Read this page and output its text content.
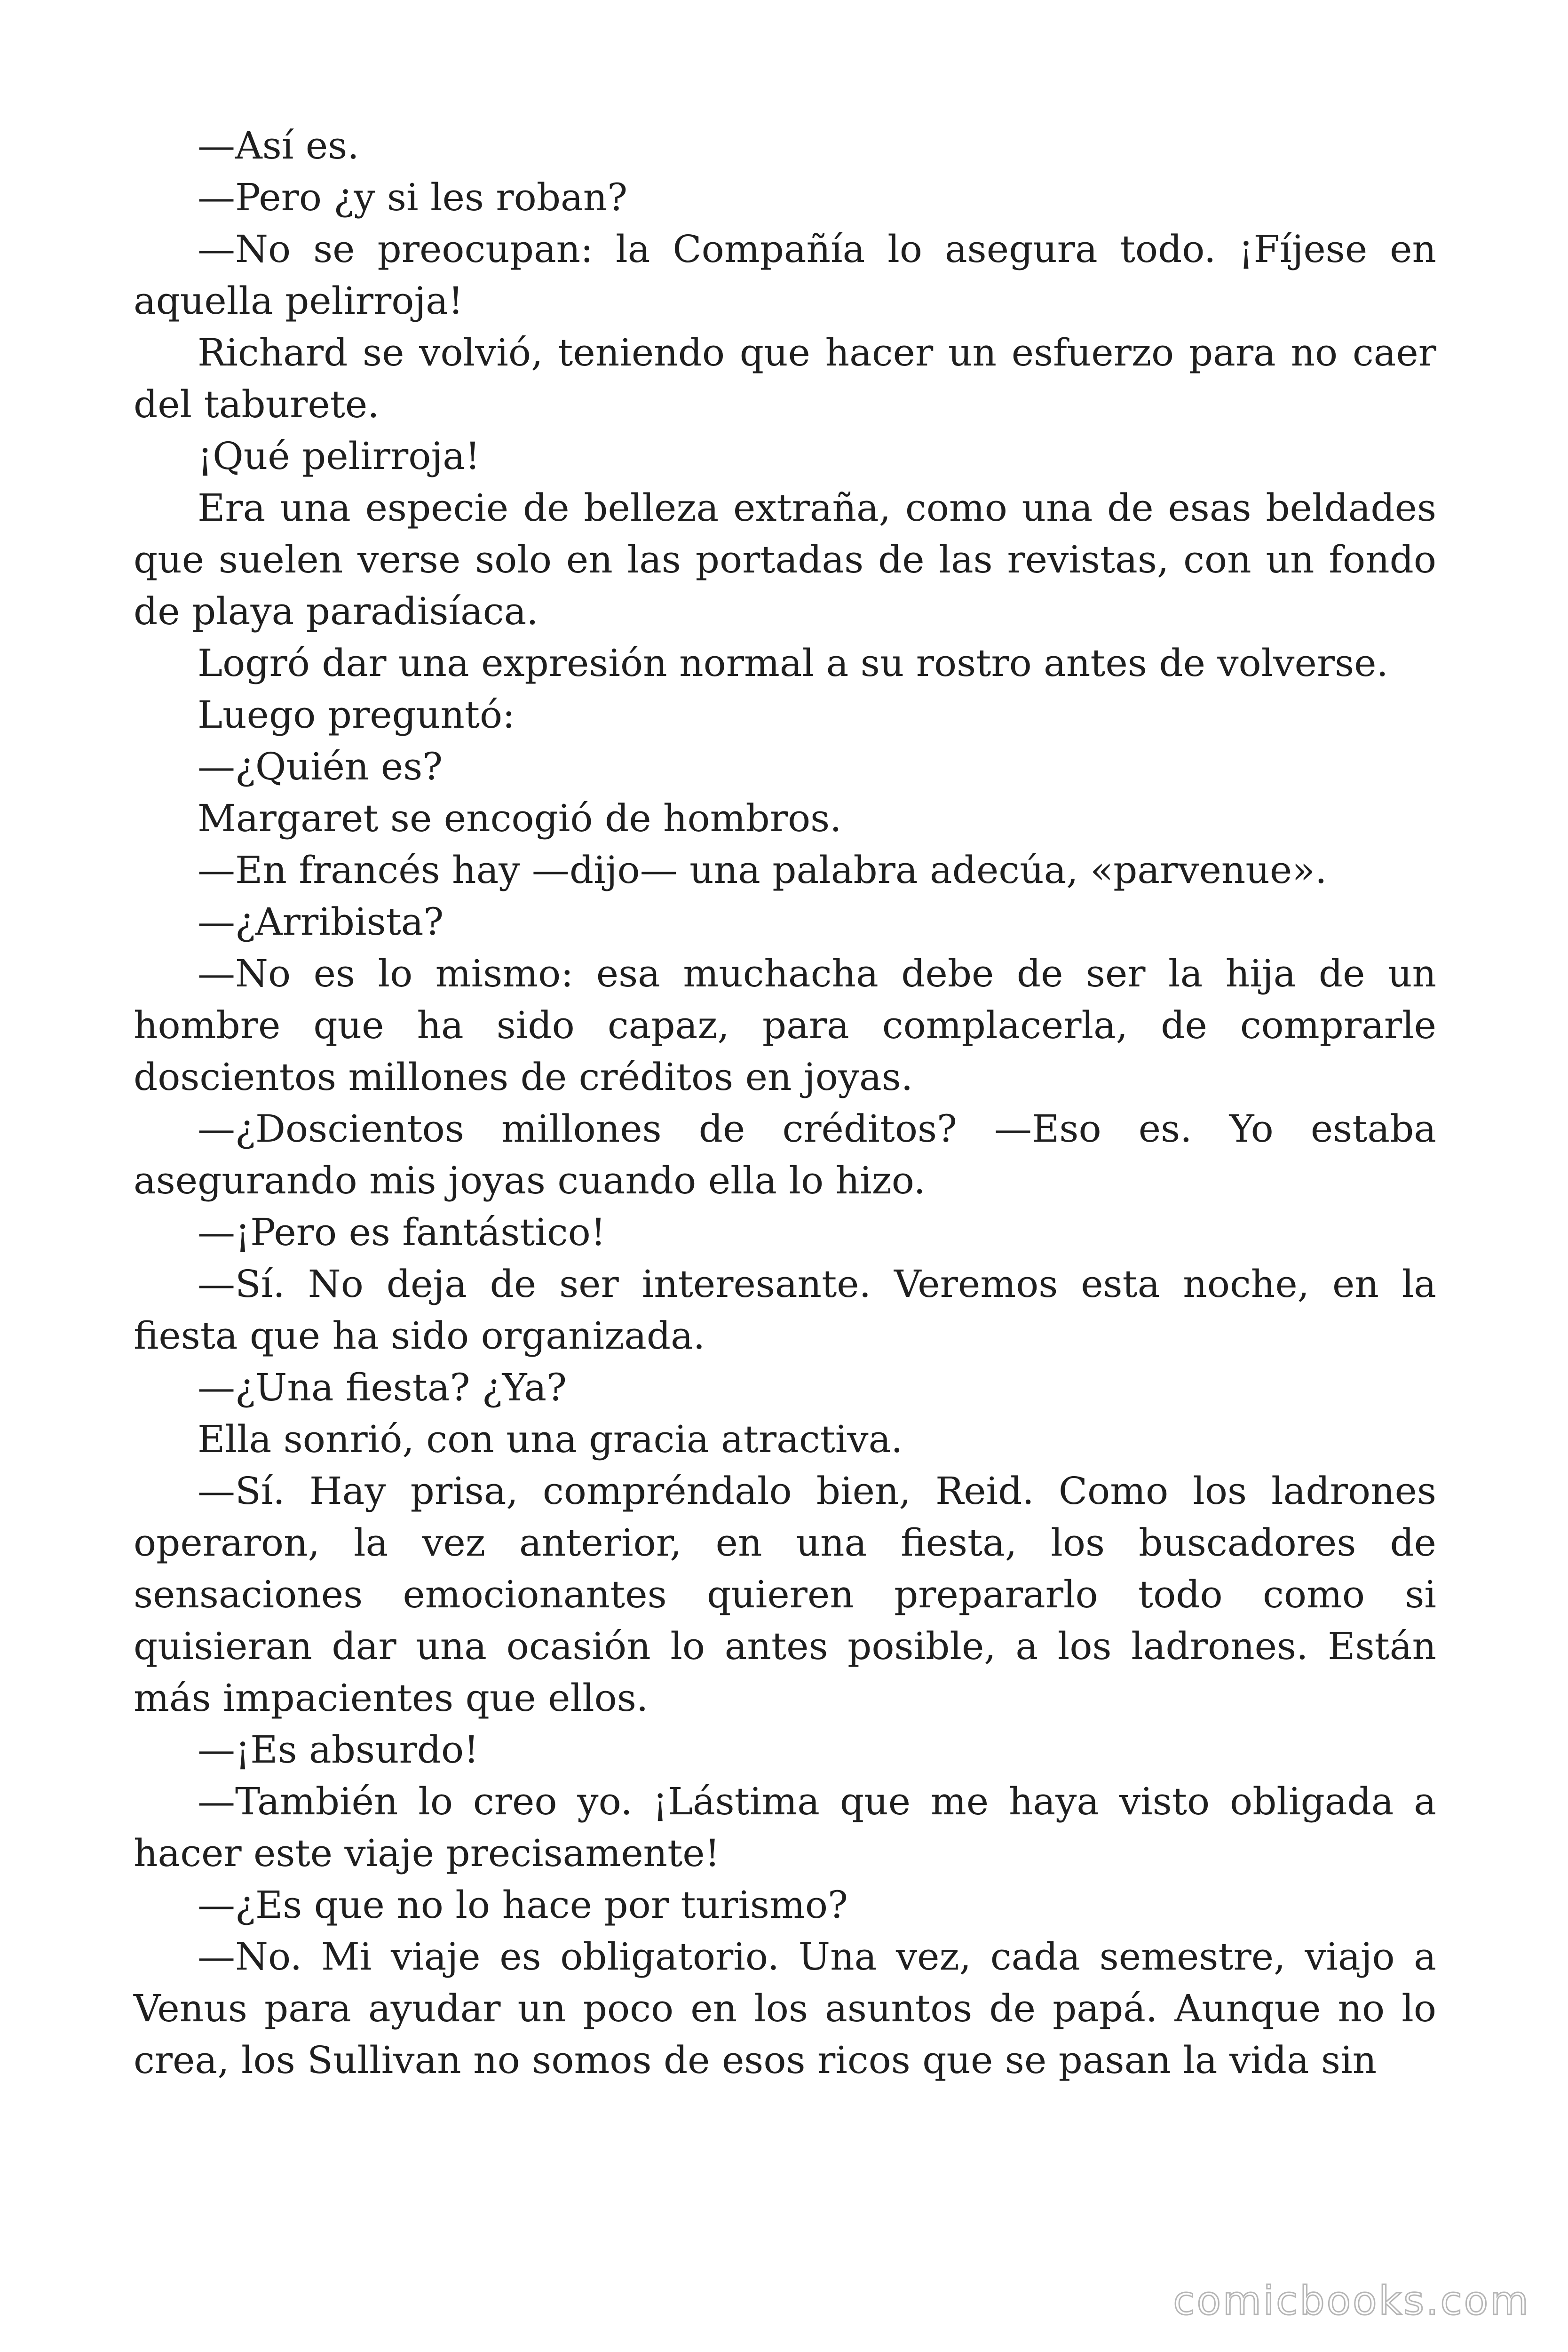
—Así es.

—Pero ¿y si les roban?

—No se preocupan: la Compañía lo asegura todo. ¡Fíjese en aquella pelirroja!

Richard se volvió, teniendo que hacer un esfuerzo para no caer del taburete.

¡Qué pelirroja!

Era una especie de belleza extraña, como una de esas beldades que suelen verse solo en las portadas de las revistas, con un fondo de playa paradisíaca.

Logró dar una expresión normal a su rostro antes de volverse.

Luego preguntó:

—¿Quién es?

Margaret se encogió de hombros.

—En francés hay —dijo— una palabra adecúa, «parvenue».

—¿Arribista?

—No es lo mismo: esa muchacha debe de ser la hija de un hombre que ha sido capaz, para complacerla, de comprarle doscientos millones de créditos en joyas.

—¿Doscientos millones de créditos? —Eso es. Yo estaba asegurando mis joyas cuando ella lo hizo.

—¡Pero es fantástico!

—Sí. No deja de ser interesante. Veremos esta noche, en la fiesta que ha sido organizada.

—¿Una fiesta? ¿Ya?

Ella sonrió, con una gracia atractiva.

—Sí. Hay prisa, compréndalo bien, Reid. Como los ladrones operaron, la vez anterior, en una fiesta, los buscadores de sensaciones emocionantes quieren prepararlo todo como si quisieran dar una ocasión lo antes posible, a los ladrones. Están más impacientes que ellos.

—¡Es absurdo!

—También lo creo yo. ¡Lástima que me haya visto obligada a hacer este viaje precisamente!

—¿Es que no lo hace por turismo?

—No. Mi viaje es obligatorio. Una vez, cada semestre, viajo a Venus para ayudar un poco en los asuntos de papá. Aunque no lo crea, los Sullivan no somos de esos ricos que se pasan la vida sin

comicbooks.com
